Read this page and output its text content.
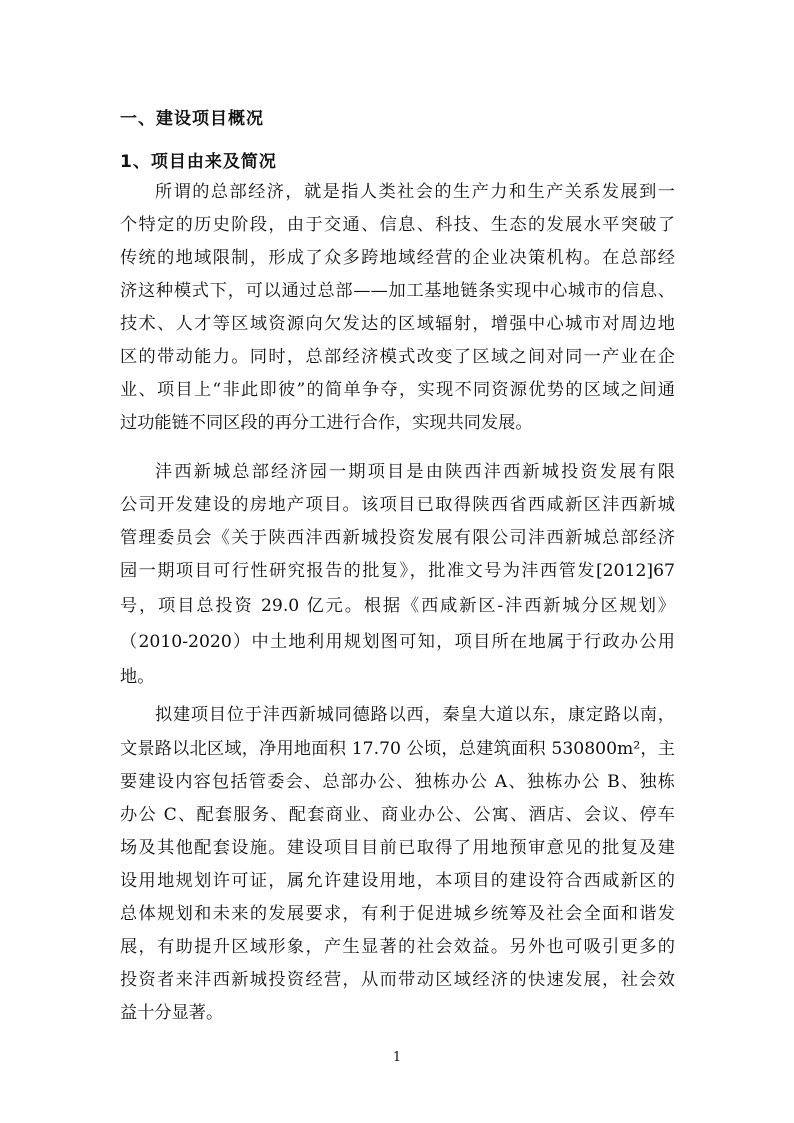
一、建设项目概况
1、项目由来及简况
所谓的总部经济，就是指人类社会的生产力和生产关系发展到一
个特定的历史阶段，由于交通、信息、科技、生态的发展水平突破了
传统的地域限制，形成了众多跨地域经营的企业决策机构。在总部经
济这种模式下，可以通过总部——加工基地链条实现中心城市的信息、
技术、人才等区域资源向欠发达的区域辐射，增强中心城市对周边地
区的带动能力。同时，总部经济模式改变了区域之间对同一产业在企
业、项目上“非此即彼”的简单争夺，实现不同资源优势的区域之间通
过功能链不同区段的再分工进行合作，实现共同发展。
沣西新城总部经济园一期项目是由陕西沣西新城投资发展有限
公司开发建设的房地产项目。该项目已取得陕西省西咸新区沣西新城
管理委员会《关于陕西沣西新城投资发展有限公司沣西新城总部经济
园一期项目可行性研究报告的批复》，批准文号为沣西管发[2012]67
号，项目总投资 29.0 亿元。根据《西咸新区-沣西新城分区规划》
（2010-2020）中土地利用规划图可知，项目所在地属于行政办公用
地。
拟建项目位于沣西新城同德路以西，秦皇大道以东，康定路以南，
文景路以北区域，净用地面积 17.70 公顷，总建筑面积 530800m²，主
要建设内容包括管委会、总部办公、独栋办公 A、独栋办公 B、独栋
办公 C、配套服务、配套商业、商业办公、公寓、酒店、会议、停车
场及其他配套设施。建设项目目前已取得了用地预审意见的批复及建
设用地规划许可证，属允许建设用地，本项目的建设符合西咸新区的
总体规划和未来的发展要求，有利于促进城乡统筹及社会全面和谐发
展，有助提升区域形象，产生显著的社会效益。另外也可吸引更多的
投资者来沣西新城投资经营，从而带动区域经济的快速发展，社会效
益十分显著。
1
